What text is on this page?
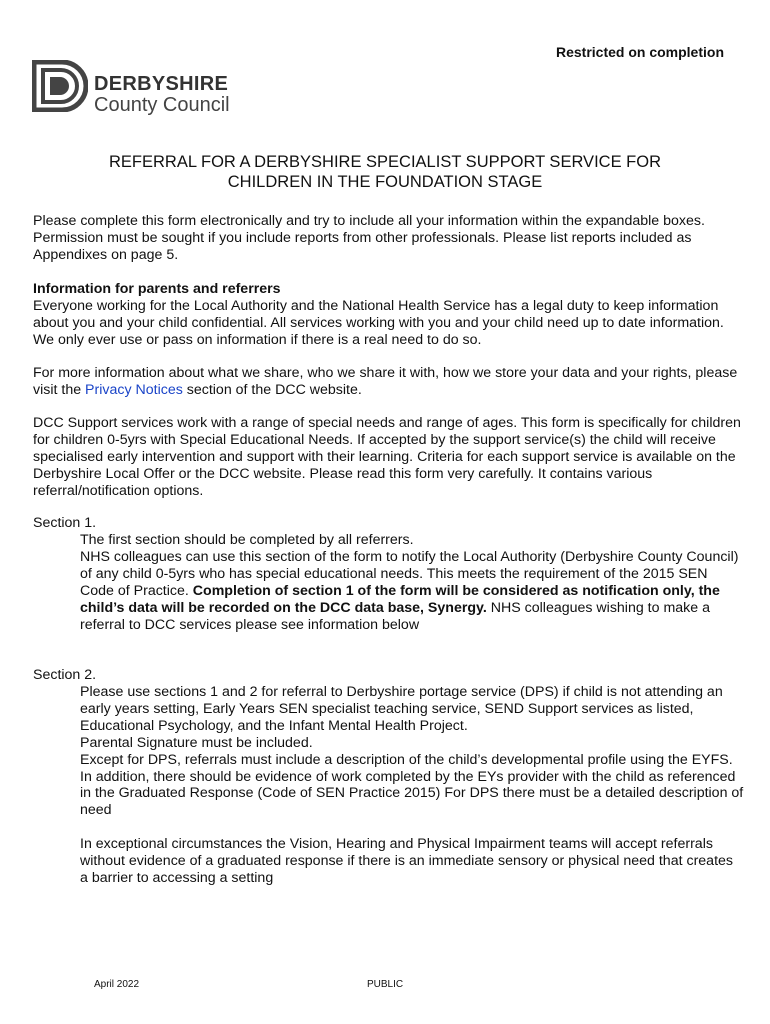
Restricted on completion
DERBYSHIRE
County Council
REFERRAL FOR A DERBYSHIRE SPECIALIST SUPPORT SERVICE FOR
CHILDREN IN THE FOUNDATION STAGE

Please complete this form electronically and try to include all your information within the expandable boxes. Permission must be sought if you include reports from other professionals. Please list reports included as Appendixes on page 5.

Information for parents and referrers

Everyone working for the Local Authority and the National Health Service has a legal duty to keep information about you and your child confidential. All services working with you and your child need up to date information. We only ever use or pass on information if there is a real need to do so.

For more information about what we share, who we share it with, how we store your data and your rights, please visit the Privacy Notices section of the DCC website.

DCC Support services work with a range of special needs and range of ages. This form is specifically for children for children 0-5yrs with Special Educational Needs. If accepted by the support service(s) the child will receive specialised early intervention and support with their learning. Criteria for each support service is available on the Derbyshire Local Offer or the DCC website. Please read this form very carefully. It contains various referral/notification options.

Section 1.

The first section should be completed by all referrers.

NHS colleagues can use this section of the form to notify the Local Authority (Derbyshire County Council) of any child 0-5yrs who has special educational needs. This meets the requirement of the 2015 SEN Code of Practice. Completion of section 1 of the form will be considered as notification only, the child’s data will be recorded on the DCC data base, Synergy. NHS colleagues wishing to make a referral to DCC services please see information below

Section 2.

Please use sections 1 and 2 for referral to Derbyshire portage service (DPS) if child is not attending an early years setting, Early Years SEN specialist teaching service, SEND Support services as listed, Educational Psychology, and the Infant Mental Health Project.

Parental Signature must be included.

Except for DPS, referrals must include a description of the child’s developmental profile using the EYFS. In addition, there should be evidence of work completed by the EYs provider with the child as referenced in the Graduated Response (Code of SEN Practice 2015) For DPS there must be a detailed description of need

In exceptional circumstances the Vision, Hearing and Physical Impairment teams will accept referrals without evidence of a graduated response if there is an immediate sensory or physical need that creates a barrier to accessing a setting

April 2022	PUBLIC
